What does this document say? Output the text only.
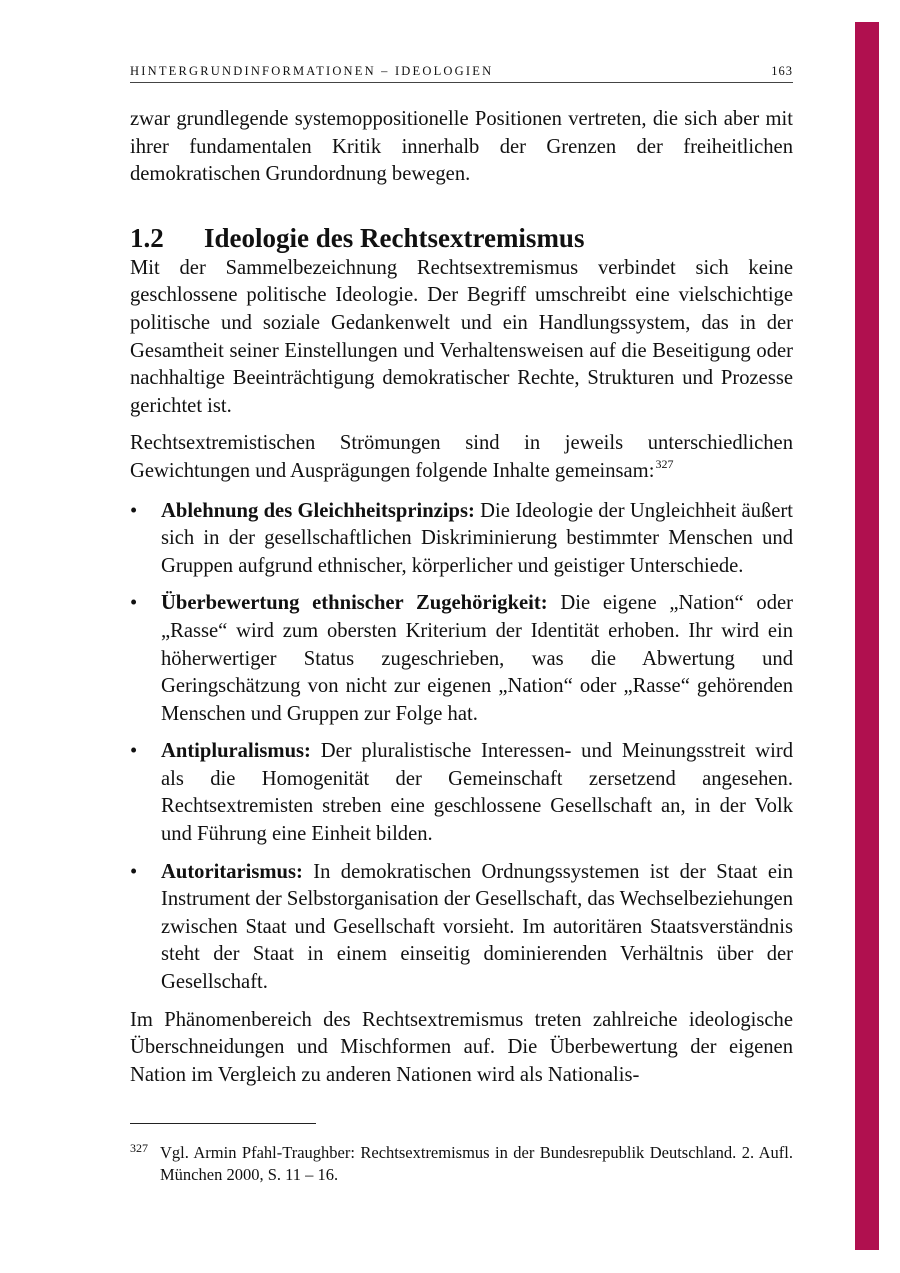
HINTERGRUNDINFORMATIONEN – IDEOLOGIEN	163

zwar grundlegende systemoppositionelle Positionen vertreten, die sich aber mit ihrer fundamentalen Kritik innerhalb der Grenzen der freiheitlichen demokratischen Grundordnung bewegen.

1.2	Ideologie des Rechtsextremismus

Mit der Sammelbezeichnung Rechtsextremismus verbindet sich keine geschlossene politische Ideologie. Der Begriff umschreibt eine vielschichtige politische und soziale Gedankenwelt und ein Handlungssystem, das in der Gesamtheit seiner Einstellungen und Verhaltensweisen auf die Beseitigung oder nachhaltige Beeinträchtigung demokratischer Rechte, Strukturen und Prozesse gerichtet ist.

Rechtsextremistischen Strömungen sind in jeweils unterschiedlichen Gewichtungen und Ausprägungen folgende Inhalte gemeinsam:$^{327}$

• Ablehnung des Gleichheitsprinzips: Die Ideologie der Ungleichheit äußert sich in der gesellschaftlichen Diskriminierung bestimmter Menschen und Gruppen aufgrund ethnischer, körperlicher und geistiger Unterschiede.
• Überbewertung ethnischer Zugehörigkeit: Die eigene „Nation“ oder „Rasse“ wird zum obersten Kriterium der Identität erhoben. Ihr wird ein höherwertiger Status zugeschrieben, was die Abwertung und Geringschätzung von nicht zur eigenen „Nation“ oder „Rasse“ gehörenden Menschen und Gruppen zur Folge hat.
• Antipluralismus: Der pluralistische Interessen- und Meinungsstreit wird als die Homogenität der Gemeinschaft zersetzend angesehen. Rechtsextremisten streben eine geschlossene Gesellschaft an, in der Volk und Führung eine Einheit bilden.
• Autoritarismus: In demokratischen Ordnungssystemen ist der Staat ein Instrument der Selbstorganisation der Gesellschaft, das Wechselbeziehungen zwischen Staat und Gesellschaft vorsieht. Im autoritären Staatsverständnis steht der Staat in einem einseitig dominierenden Verhältnis über der Gesellschaft.

Im Phänomenbereich des Rechtsextremismus treten zahlreiche ideologische Überschneidungen und Mischformen auf. Die Überbewertung der eigenen Nation im Vergleich zu anderen Nationen wird als Nationalis-

327 Vgl. Armin Pfahl-Traughber: Rechtsextremismus in der Bundesrepublik Deutschland. 2. Aufl. München 2000, S. 11 – 16.
